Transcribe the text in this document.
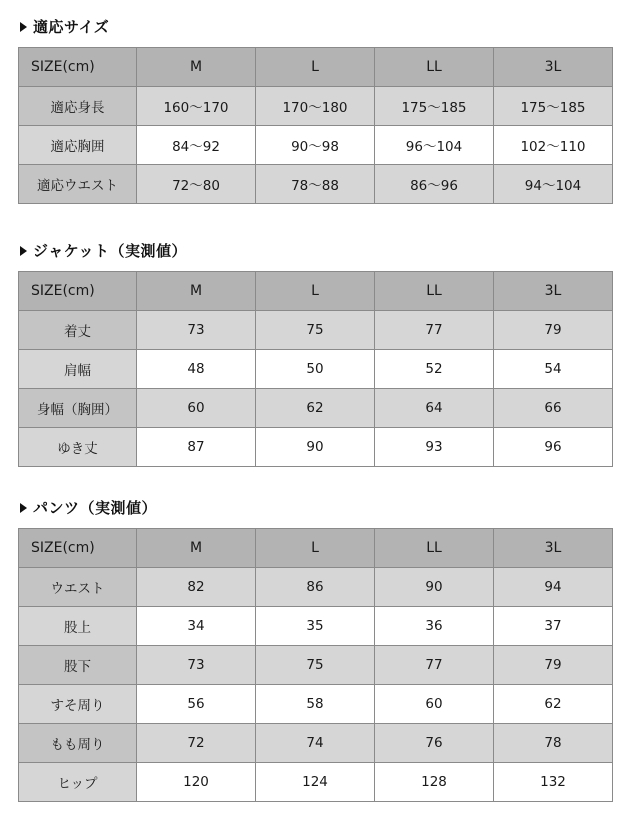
適応サイズ
SIZE(cm)	M	L	LL	3L
適応身長	160〜170	170〜180	175〜185	175〜185
適応胸囲	84〜92	90〜98	96〜104	102〜110
適応ウエスト	72〜80	78〜88	86〜96	94〜104
ジャケット（実測値）
SIZE(cm)	M	L	LL	3L
着丈	73	75	77	79
肩幅	48	50	52	54
身幅（胸囲）	60	62	64	66
ゆき丈	87	90	93	96
パンツ（実測値）
SIZE(cm)	M	L	LL	3L
ウエスト	82	86	90	94
股上	34	35	36	37
股下	73	75	77	79
すそ周り	56	58	60	62
もも周り	72	74	76	78
ヒップ	120	124	128	132
